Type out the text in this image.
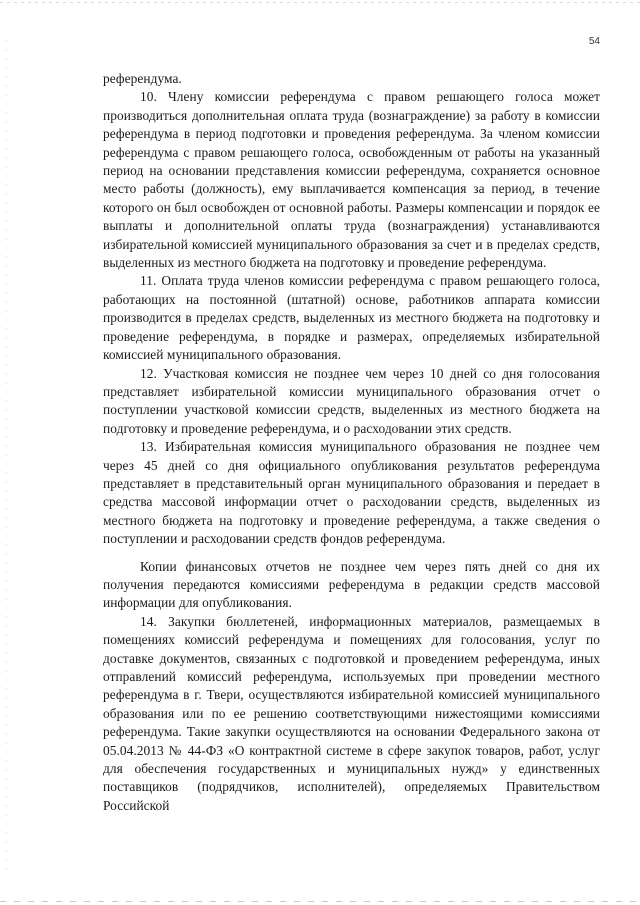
54

референдума.

10. Члену комиссии референдума с правом решающего голоса может производиться дополнительная оплата труда (вознаграждение) за работу в комиссии референдума в период подготовки и проведения референдума. За членом комиссии референдума с правом решающего голоса, освобожденным от работы на указанный период на основании представления комиссии референдума, сохраняется основное место работы (должность), ему выплачивается компенсация за период, в течение которого он был освобожден от основной работы. Размеры компенсации и порядок ее выплаты и дополнительной оплаты труда (вознаграждения) устанавливаются избирательной комиссией муниципального образования за счет и в пределах средств, выделенных из местного бюджета на подготовку и проведение референдума.

11. Оплата труда членов комиссии референдума с правом решающего голоса, работающих на постоянной (штатной) основе, работников аппарата комиссии производится в пределах средств, выделенных из местного бюджета на подготовку и проведение референдума, в порядке и размерах, определяемых избирательной комиссией муниципального образования.

12. Участковая комиссия не позднее чем через 10 дней со дня голосования представляет избирательной комиссии муниципального образования отчет о поступлении участковой комиссии средств, выделенных из местного бюджета на подготовку и проведение референдума, и о расходовании этих средств.

13. Избирательная комиссия муниципального образования не позднее чем через 45 дней со дня официального опубликования результатов референдума представляет в представительный орган муниципального образования и передает в средства массовой информации отчет о расходовании средств, выделенных из местного бюджета на подготовку и проведение референдума, а также сведения о поступлении и расходовании средств фондов референдума.

Копии финансовых отчетов не позднее чем через пять дней со дня их получения передаются комиссиями референдума в редакции средств массовой информации для опубликования.

14. Закупки бюллетеней, информационных материалов, размещаемых в помещениях комиссий референдума и помещениях для голосования, услуг по доставке документов, связанных с подготовкой и проведением референдума, иных отправлений комиссий референдума, используемых при проведении местного референдума в г. Твери, осуществляются избирательной комиссией муниципального образования или по ее решению соответствующими нижестоящими комиссиями референдума. Такие закупки осуществляются на основании Федерального закона от 05.04.2013 № 44-ФЗ «О контрактной системе в сфере закупок товаров, работ, услуг для обеспечения государственных и муниципальных нужд» у единственных поставщиков (подрядчиков, исполнителей), определяемых Правительством Российской
